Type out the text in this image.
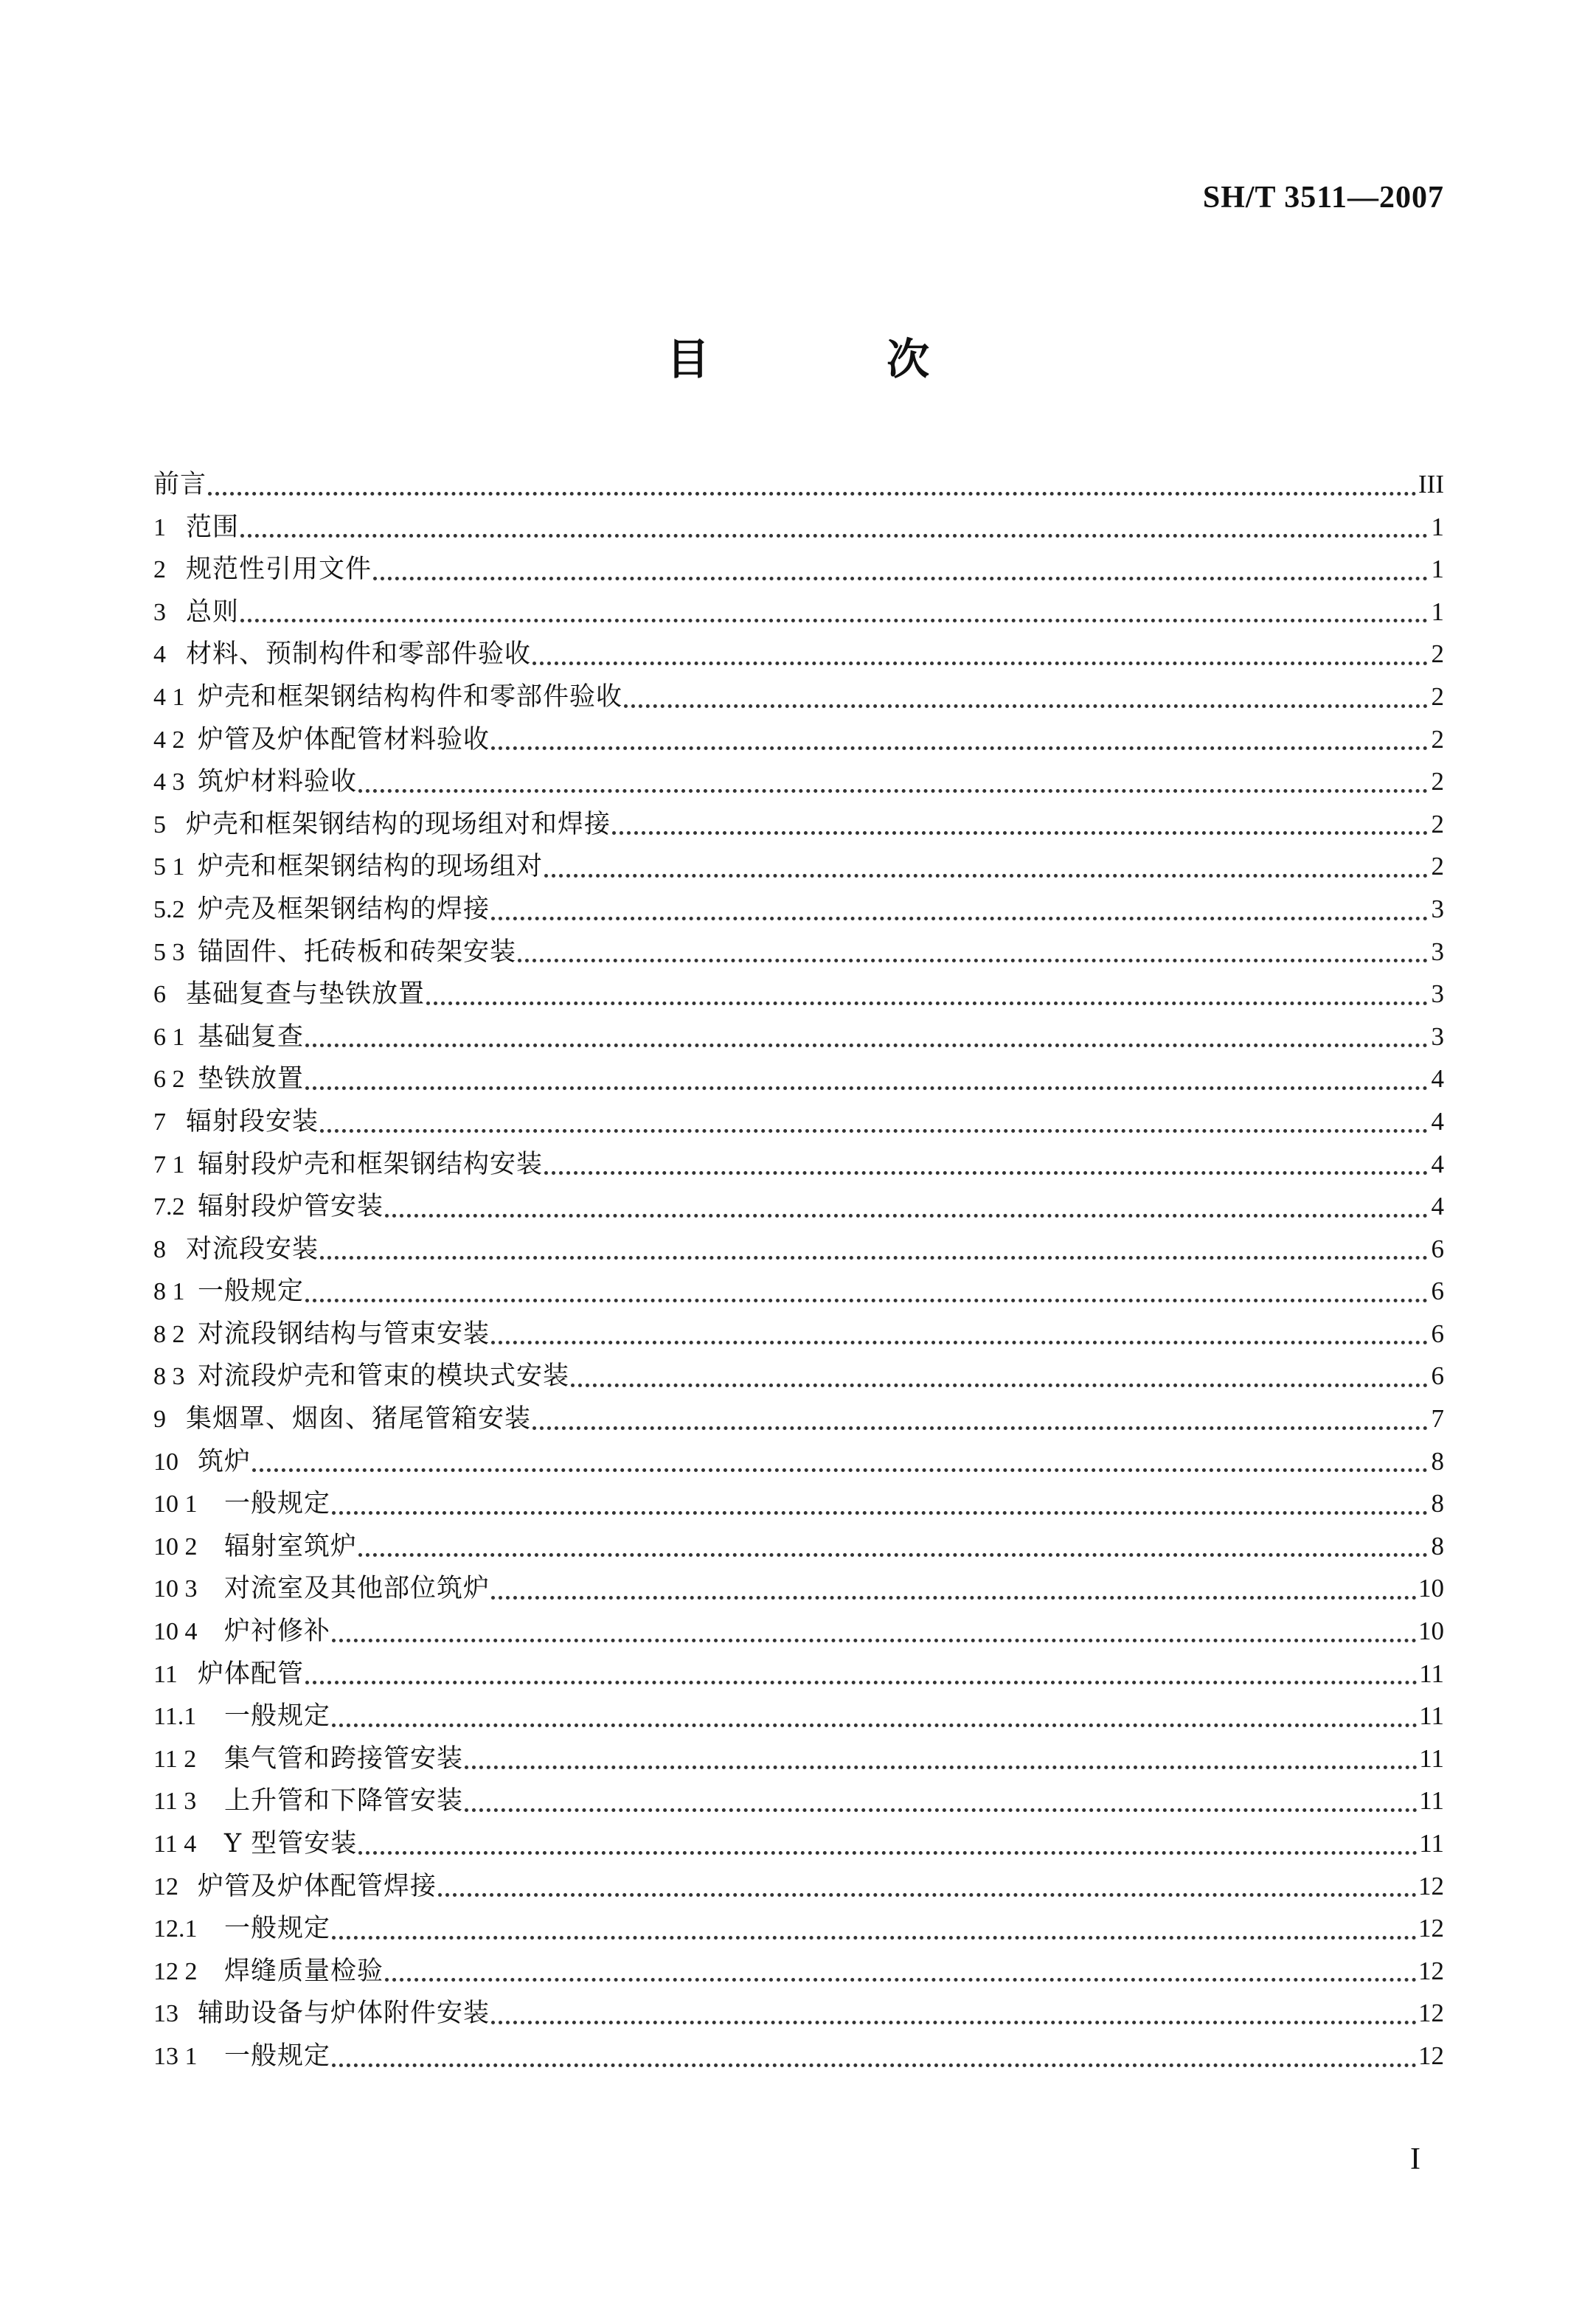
SH/T 3511—2007
目 次
前言	III
1 范围	1
2 规范性引用文件	1
3 总则	1
4 材料、预制构件和零部件验收	2
4 1 炉壳和框架钢结构构件和零部件验收	2
4 2 炉管及炉体配管材料验收	2
4 3 筑炉材料验收	2
5 炉壳和框架钢结构的现场组对和焊接	2
5 1 炉壳和框架钢结构的现场组对	2
5.2 炉壳及框架钢结构的焊接	3
5 3 锚固件、托砖板和砖架安装	3
6 基础复查与垫铁放置	3
6 1 基础复查	3
6 2 垫铁放置	4
7 辐射段安装	4
7 1 辐射段炉壳和框架钢结构安装	4
7.2 辐射段炉管安装	4
8 对流段安装	6
8 1 一般规定	6
8 2 对流段钢结构与管束安装	6
8 3 对流段炉壳和管束的模块式安装	6
9 集烟罩、烟囱、猪尾管箱安装	7
10 筑炉	8
10 1	一般规定	8
10 2	辐射室筑炉	8
10 3	对流室及其他部位筑炉	10
10 4	炉衬修补	10
11 炉体配管	11
11.1	一般规定	11
11 2	集气管和跨接管安装	11
11 3	上升管和下降管安装	11
11 4	Y 型管安装	11
12 炉管及炉体配管焊接	12
12.1	一般规定	12
12 2	焊缝质量检验	12
13 辅助设备与炉体附件安装	12
13 1	一般规定	12
I
